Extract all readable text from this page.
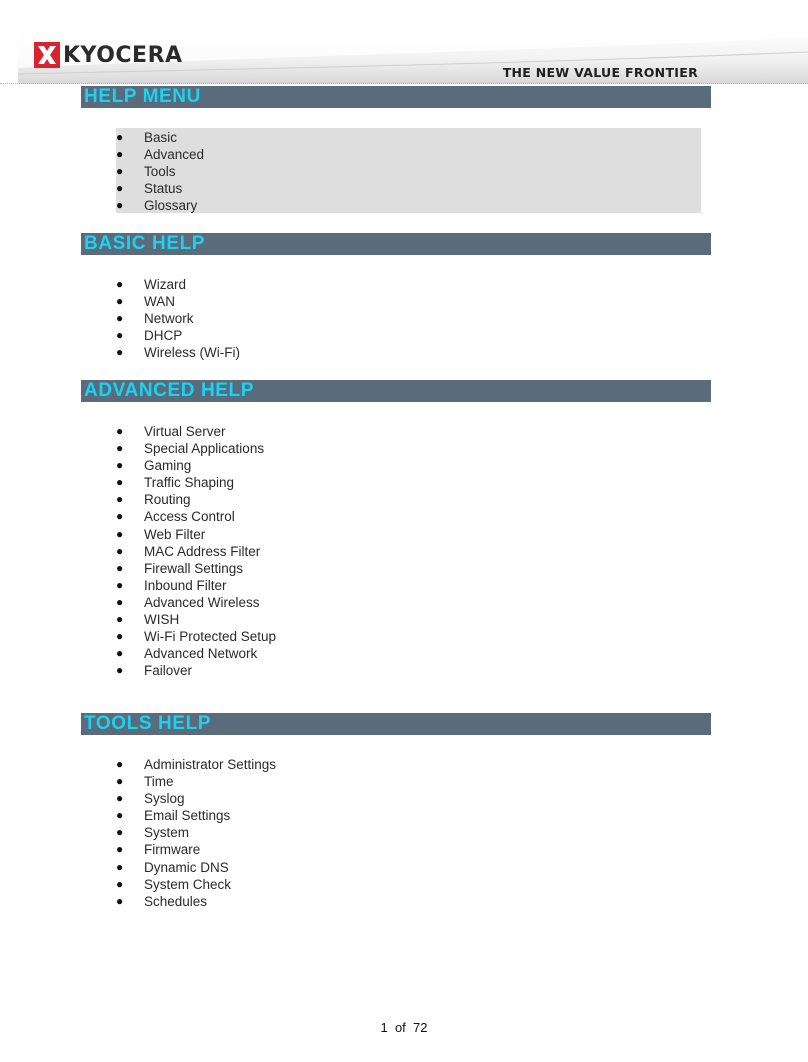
KYOCERA
THE NEW VALUE FRONTIER
HELP MENU
● Basic
● Advanced
● Tools
● Status
● Glossary
BASIC HELP
● Wizard
● WAN
● Network
● DHCP
● Wireless (Wi-Fi)
ADVANCED HELP
● Virtual Server
● Special Applications
● Gaming
● Traffic Shaping
● Routing
● Access Control
● Web Filter
● MAC Address Filter
● Firewall Settings
● Inbound Filter
● Advanced Wireless
● WISH
● Wi-Fi Protected Setup
● Advanced Network
● Failover
TOOLS HELP
● Administrator Settings
● Time
● Syslog
● Email Settings
● System
● Firmware
● Dynamic DNS
● System Check
● Schedules
1 of 72
